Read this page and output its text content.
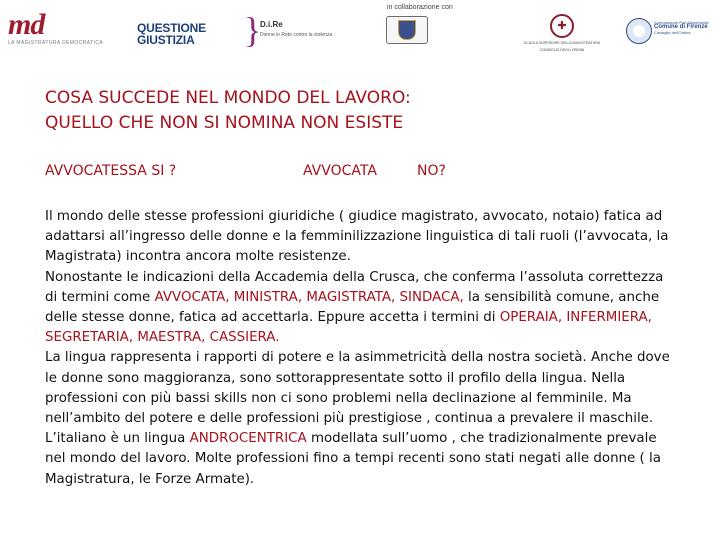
md
LA MAGISTRATURA DEMOCRATICA
QUESTIONE
GIUSTIZIA	}
D.i.Re
Donne in Rete contro la violenza
in collaborazione con
✚
SCUOLA SUPERIORE DELLA MAGISTRATURA
CONSIGLIO DEGLI ORDINI
Commissione Pari Opportunità
Comune di Firenze
Consiglio dell'Ordine
COSA SUCCEDE NEL MONDO DEL LAVORO:
QUELLO CHE NON SI NOMINA NON ESISTE
AVVOCATESSA SI ?	AVVOCATA	NO?

Il mondo delle stesse professioni giuridiche ( giudice magistrato, avvocato, notaio) fatica ad adattarsi all’ingresso delle donne e la femminilizzazione linguistica di tali ruoli (l’avvocata, la Magistrata) incontra ancora molte resistenze.

Nonostante le indicazioni della Accademia della Crusca, che conferma l’assoluta correttezza di termini come AVVOCATA, MINISTRA, MAGISTRATA, SINDACA, la sensibilità comune, anche delle stesse donne, fatica ad accettarla. Eppure accetta i termini di OPERAIA, INFERMIERA, SEGRETARIA, MAESTRA, CASSIERA.

La lingua rappresenta i rapporti di potere e la asimmetricità della nostra società. Anche dove le donne sono maggioranza, sono sottorappresentate sotto il profilo della lingua. Nella professioni con più bassi skills non ci sono problemi nella declinazione al femminile. Ma nell’ambito del potere e delle professioni più prestigiose , continua a prevalere il maschile. L’italiano è un lingua ANDROCENTRICA modellata sull’uomo , che tradizionalmente prevale nel mondo del lavoro. Molte professioni fino a tempi recenti sono stati negati alle donne ( la Magistratura, le Forze Armate).
